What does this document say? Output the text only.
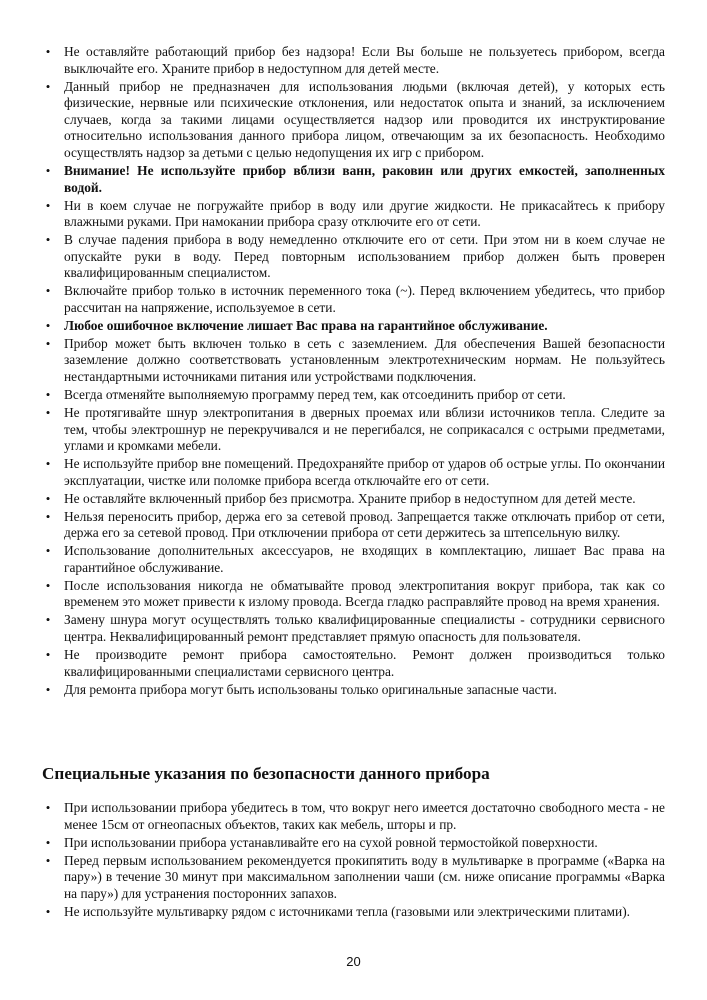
• Не оставляйте работающий прибор без надзора! Если Вы больше не пользуетесь прибором, всегда выключайте его. Храните прибор в недоступном для детей месте.
• Данный прибор не предназначен для использования людьми (включая детей), у которых есть физические, нервные или психические отклонения, или недостаток опыта и знаний, за исключением случаев, когда за такими лицами осуществляется надзор или проводится их инструктирование относительно использования данного прибора лицом, отвечающим за их безопасность. Необходимо осуществлять надзор за детьми с целью недопущения их игр с прибором.
• Внимание! Не используйте прибор вблизи ванн, раковин или других емкостей, заполненных водой.
• Ни в коем случае не погружайте прибор в воду или другие жидкости. Не прикасайтесь к прибору влажными руками. При намокании прибора сразу отключите его от сети.
• В случае падения прибора в воду немедленно отключите его от сети. При этом ни в коем случае не опускайте руки в воду. Перед повторным использованием прибор должен быть проверен квалифицированным специалистом.
• Включайте прибор только в источник переменного тока (~). Перед включением убедитесь, что прибор рассчитан на напряжение, используемое в сети.
• Любое ошибочное включение лишает Вас права на гарантийное обслуживание.
• Прибор может быть включен только в сеть с заземлением. Для обеспечения Вашей безопасности заземление должно соответствовать установленным электротехническим нормам. Не пользуйтесь нестандартными источниками питания или устройствами подключения.
• Всегда отменяйте выполняемую программу перед тем, как отсоединить прибор от сети.
• Не протягивайте шнур электропитания в дверных проемах или вблизи источников тепла. Следите за тем, чтобы электрошнур не перекручивался и не перегибался, не соприкасался с острыми предметами, углами и кромками мебели.
• Не используйте прибор вне помещений. Предохраняйте прибор от ударов об острые углы. По окончании эксплуатации, чистке или поломке прибора всегда отключайте его от сети.
• Не оставляйте включенный прибор без присмотра. Храните прибор в недоступном для детей месте.
• Нельзя переносить прибор, держа его за сетевой провод. Запрещается также отключать прибор от сети, держа его за сетевой провод. При отключении прибора от сети держитесь за штепсельную вилку.
• Использование дополнительных аксессуаров, не входящих в комплектацию, лишает Вас права на гарантийное обслуживание.
• После использования никогда не обматывайте провод электропитания вокруг прибора, так как со временем это может привести к излому провода. Всегда гладко расправляйте провод на время хранения.
• Замену шнура могут осуществлять только квалифицированные специалисты - сотрудники сервисного центра. Неквалифицированный ремонт представляет прямую опасность для пользователя.
• Не производите ремонт прибора самостоятельно. Ремонт должен производиться только квалифицированными специалистами сервисного центра.
• Для ремонта прибора могут быть использованы только оригинальные запасные части.
Специальные указания по безопасности данного прибора
• При использовании прибора убедитесь в том, что вокруг него имеется достаточно свободного места - не менее 15см от огнеопасных объектов, таких как мебель, шторы и пр.
• При использовании прибора устанавливайте его на сухой ровной термостойкой поверхности.
• Перед первым использованием рекомендуется прокипятить воду в мультиварке в программе («Варка на пару») в течение 30 минут при максимальном заполнении чаши (см. ниже описание программы «Варка на пару») для устранения посторонних запахов.
• Не используйте мультиварку рядом с источниками тепла (газовыми или электрическими плитами).
20
